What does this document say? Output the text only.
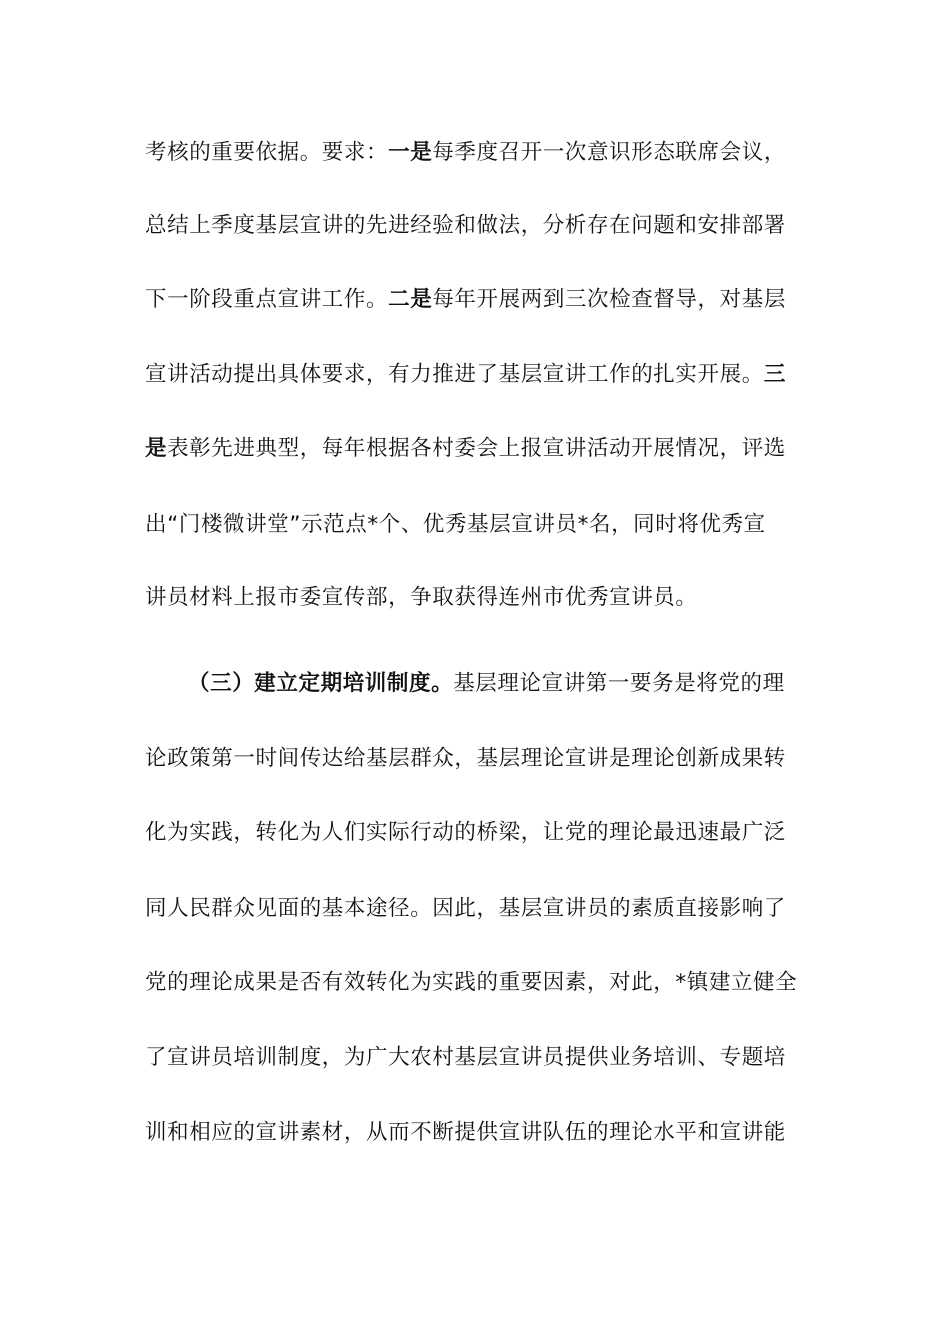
考核的重要依据。要求：一是每季度召开一次意识形态联席会议，
总结上季度基层宣讲的先进经验和做法，分析存在问题和安排部署
下一阶段重点宣讲工作。二是每年开展两到三次检查督导，对基层
宣讲活动提出具体要求，有力推进了基层宣讲工作的扎实开展。三
是表彰先进典型，每年根据各村委会上报宣讲活动开展情况，评选
出“门楼微讲堂”示范点*个、优秀基层宣讲员*名，同时将优秀宣
讲员材料上报市委宣传部，争取获得连州市优秀宣讲员。
（三）建立定期培训制度。基层理论宣讲第一要务是将党的理
论政策第一时间传达给基层群众，基层理论宣讲是理论创新成果转
化为实践，转化为人们实际行动的桥梁，让党的理论最迅速最广泛
同人民群众见面的基本途径。因此，基层宣讲员的素质直接影响了
党的理论成果是否有效转化为实践的重要因素，对此，*镇建立健全
了宣讲员培训制度，为广大农村基层宣讲员提供业务培训、专题培
训和相应的宣讲素材，从而不断提供宣讲队伍的理论水平和宣讲能
